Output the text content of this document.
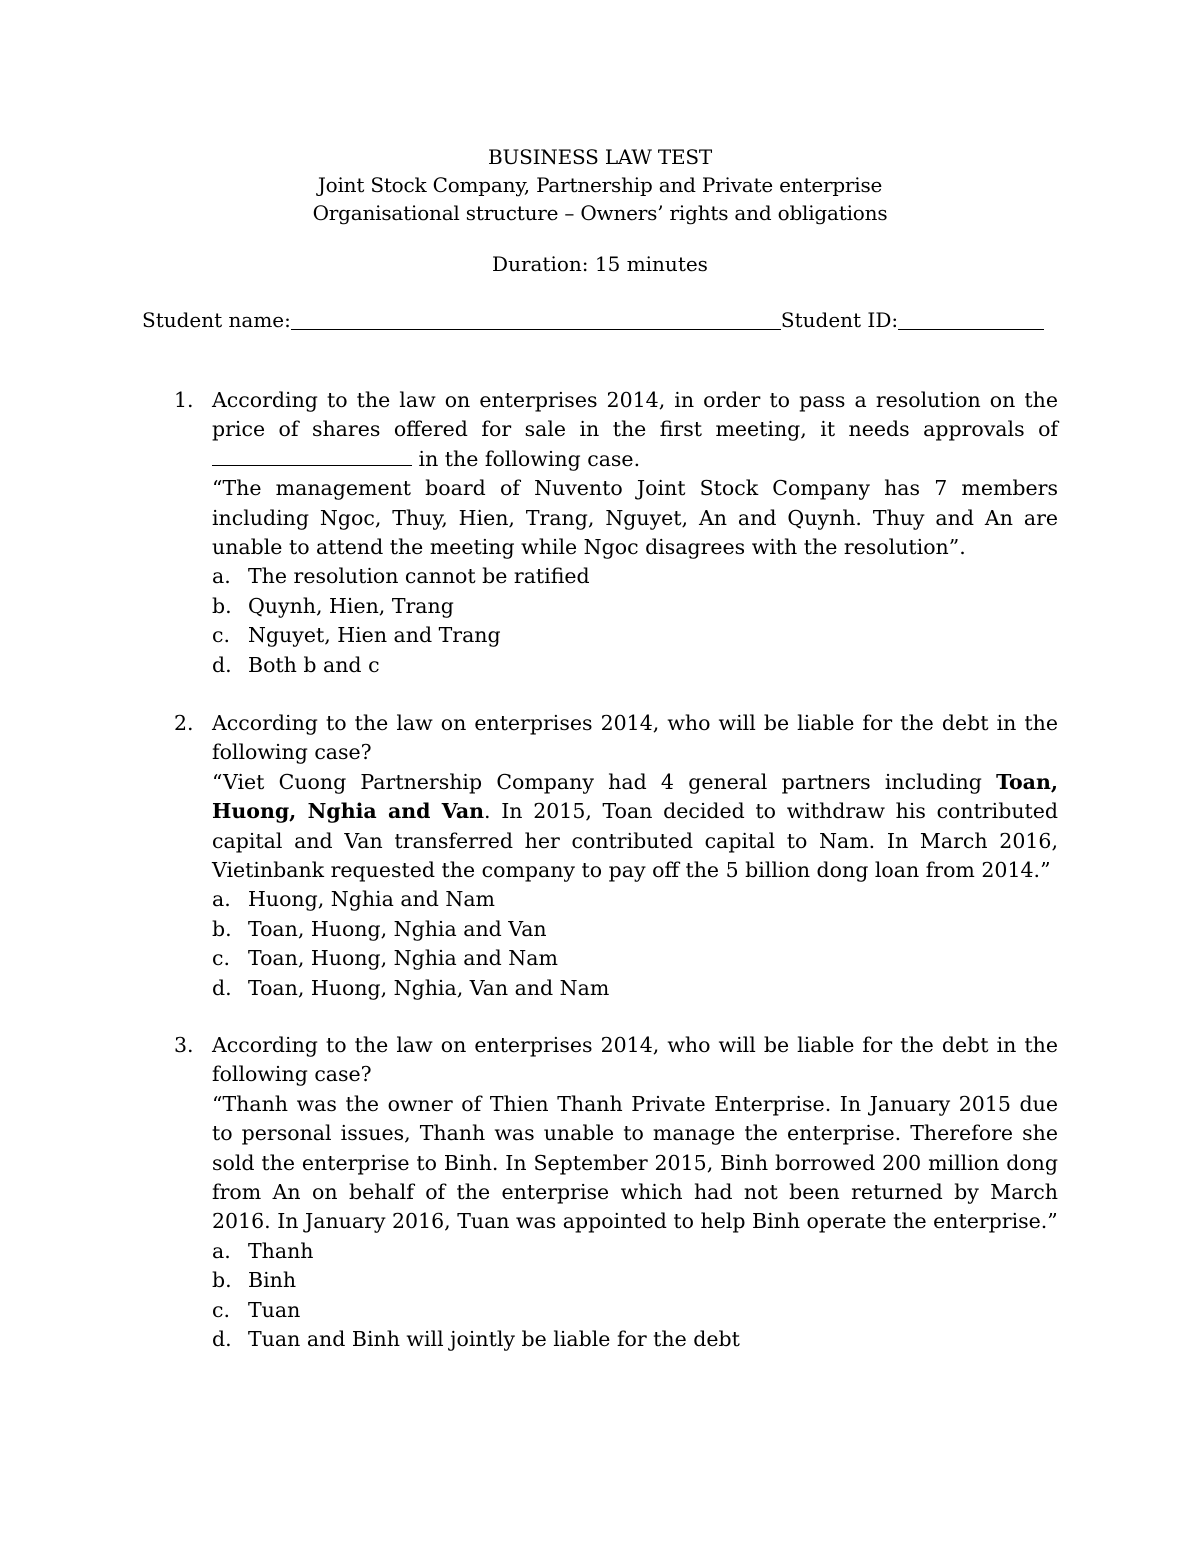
BUSINESS LAW TEST
Joint Stock Company, Partnership and Private enterprise
Organisational structure – Owners’ rights and obligations
Duration: 15 minutes
Student name:	Student ID:
1. According to the law on enterprises 2014, in order to pass a resolution on the price of shares offered for sale in the first meeting, it needs approvals of in the following case.

“The management board of Nuvento Joint Stock Company has 7 members including Ngoc, Thuy, Hien, Trang, Nguyet, An and Quynh. Thuy and An are unable to attend the meeting while Ngoc disagrees with the resolution”.

a. The resolution cannot be ratified
b. Quynh, Hien, Trang
c. Nguyet, Hien and Trang
d. Both b and c
2. According to the law on enterprises 2014, who will be liable for the debt in the following case?

“Viet Cuong Partnership Company had 4 general partners including Toan, Huong, Nghia and Van. In 2015, Toan decided to withdraw his contributed capital and Van transferred her contributed capital to Nam. In March 2016, Vietinbank requested the company to pay off the 5 billion dong loan from 2014.”

a. Huong, Nghia and Nam
b. Toan, Huong, Nghia and Van
c. Toan, Huong, Nghia and Nam
d. Toan, Huong, Nghia, Van and Nam
3. According to the law on enterprises 2014, who will be liable for the debt in the following case?

“Thanh was the owner of Thien Thanh Private Enterprise. In January 2015 due to personal issues, Thanh was unable to manage the enterprise. Therefore she sold the enterprise to Binh. In September 2015, Binh borrowed 200 million dong from An on behalf of the enterprise which had not been returned by March 2016. In January 2016, Tuan was appointed to help Binh operate the enterprise.”

a. Thanh
b. Binh
c. Tuan
d. Tuan and Binh will jointly be liable for the debt
